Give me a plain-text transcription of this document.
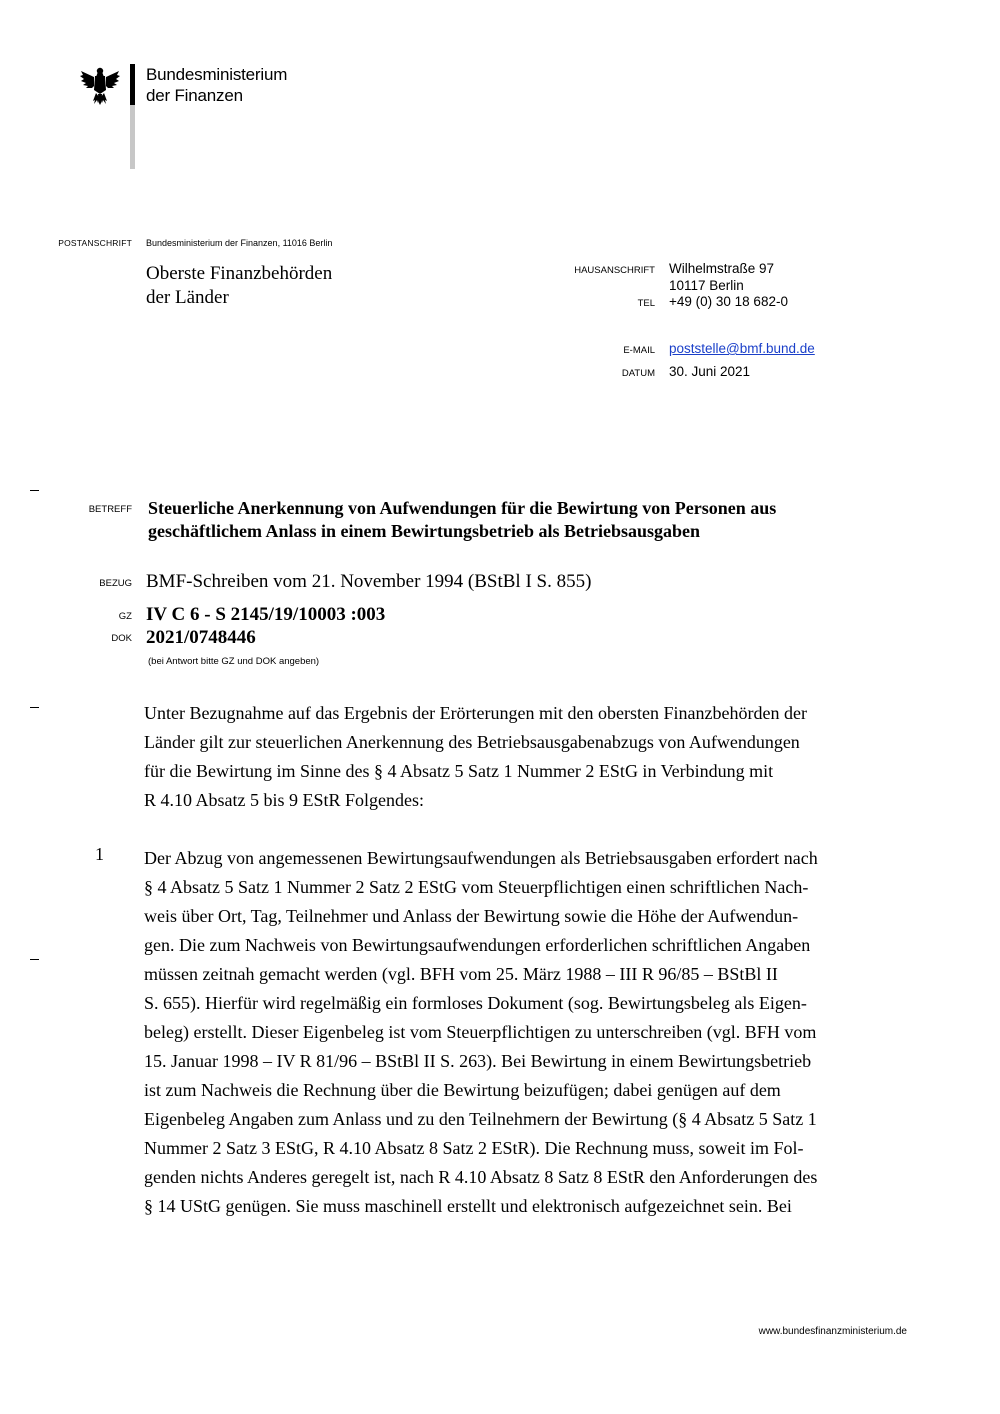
Bundesministerium
der Finanzen
POSTANSCHRIFT Bundesministerium der Finanzen, 11016 Berlin
Oberste Finanzbehörden
der Länder
HAUSANSCHRIFT Wilhelmstraße 97
10117 Berlin
TEL +49 (0) 30 18 682-0
E-MAIL poststelle@bmf.bund.de
DATUM 30. Juni 2021
BETREFF Steuerliche Anerkennung von Aufwendungen für die Bewirtung von Personen aus
geschäftlichem Anlass in einem Bewirtungsbetrieb als Betriebsausgaben
BEZUG BMF-Schreiben vom 21. November 1994 (BStBl I S. 855)
GZ IV C 6 - S 2145/19/10003 :003
DOK 2021/0748446
(bei Antwort bitte GZ und DOK angeben)
Unter Bezugnahme auf das Ergebnis der Erörterungen mit den obersten Finanzbehörden der
Länder gilt zur steuerlichen Anerkennung des Betriebsausgabenabzugs von Aufwendungen
für die Bewirtung im Sinne des § 4 Absatz 5 Satz 1 Nummer 2 EStG in Verbindung mit
R 4.10 Absatz 5 bis 9 EStR Folgendes:
1 Der Abzug von angemessenen Bewirtungsaufwendungen als Betriebsausgaben erfordert nach
§ 4 Absatz 5 Satz 1 Nummer 2 Satz 2 EStG vom Steuerpflichtigen einen schriftlichen Nach-
weis über Ort, Tag, Teilnehmer und Anlass der Bewirtung sowie die Höhe der Aufwendun-
gen. Die zum Nachweis von Bewirtungsaufwendungen erforderlichen schriftlichen Angaben
müssen zeitnah gemacht werden (vgl. BFH vom 25. März 1988 – III R 96/85 – BStBl II
S. 655). Hierfür wird regelmäßig ein formloses Dokument (sog. Bewirtungsbeleg als Eigen-
beleg) erstellt. Dieser Eigenbeleg ist vom Steuerpflichtigen zu unterschreiben (vgl. BFH vom
15. Januar 1998 – IV R 81/96 – BStBl II S. 263). Bei Bewirtung in einem Bewirtungsbetrieb
ist zum Nachweis die Rechnung über die Bewirtung beizufügen; dabei genügen auf dem
Eigenbeleg Angaben zum Anlass und zu den Teilnehmern der Bewirtung (§ 4 Absatz 5 Satz 1
Nummer 2 Satz 3 EStG, R 4.10 Absatz 8 Satz 2 EStR). Die Rechnung muss, soweit im Fol-
genden nichts Anderes geregelt ist, nach R 4.10 Absatz 8 Satz 8 EStR den Anforderungen des
§ 14 UStG genügen. Sie muss maschinell erstellt und elektronisch aufgezeichnet sein. Bei
www.bundesfinanzministerium.de
